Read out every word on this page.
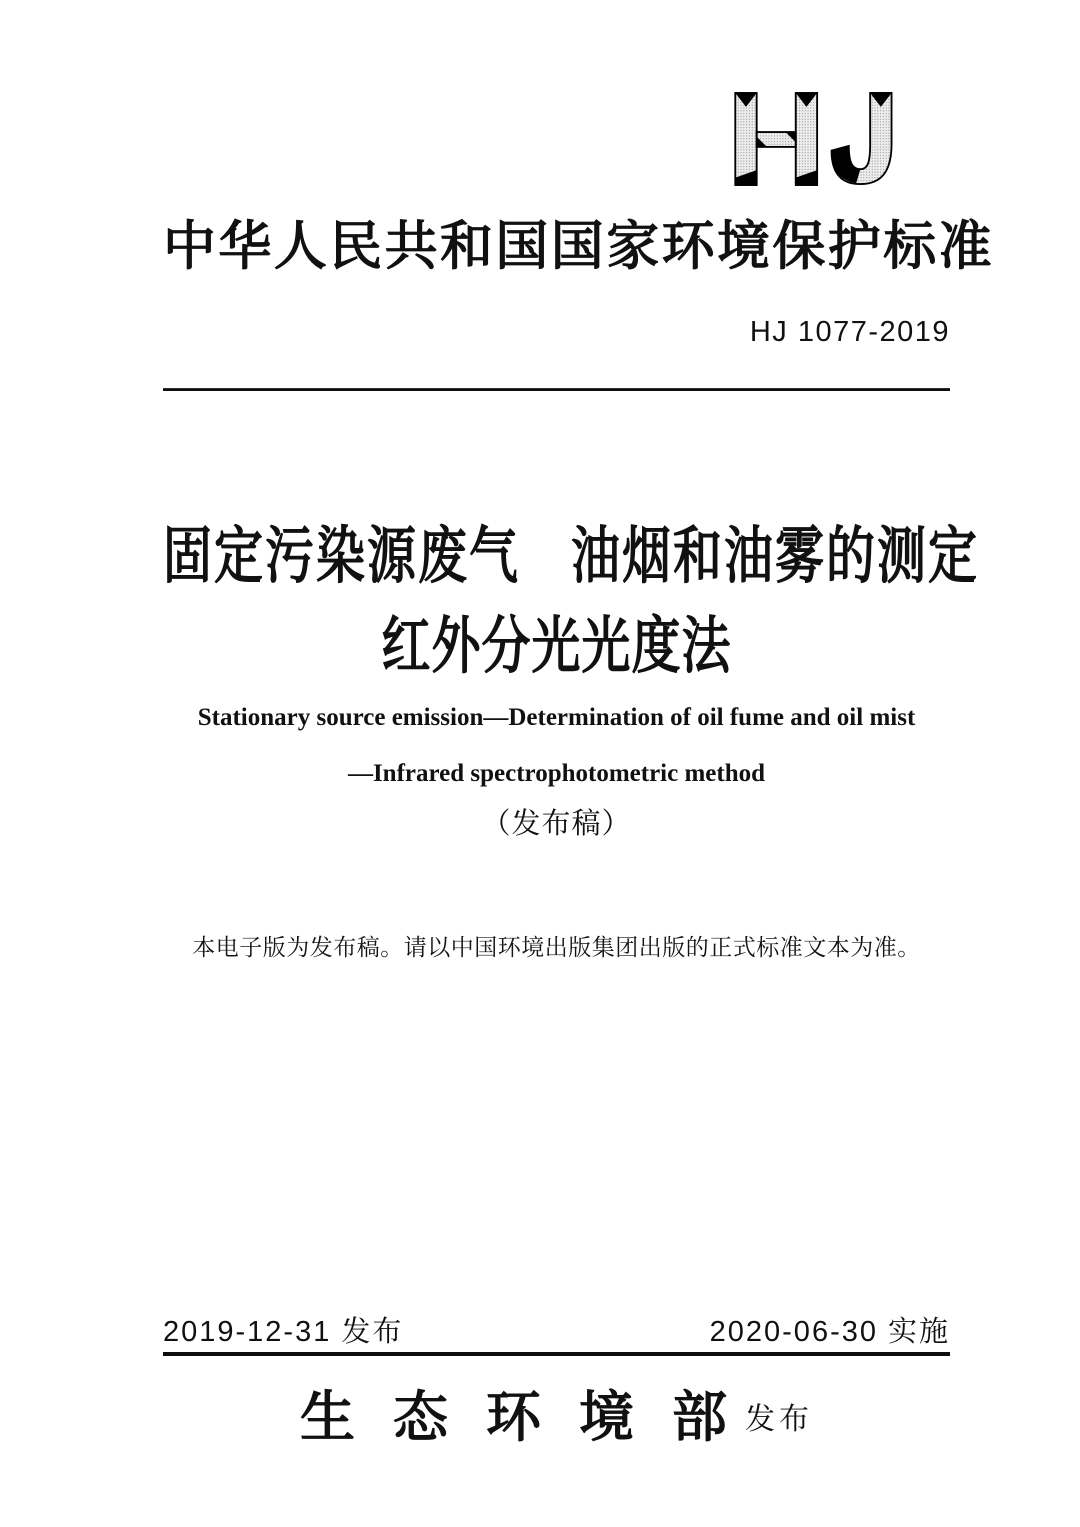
中华人民共和国国家环境保护标准
HJ 1077-2019
固定污染源废气　油烟和油雾的测定
红外分光光度法
Stationary source emission—Determination of oil fume and oil mist
—Infrared spectrophotometric method
（发布稿）
本电子版为发布稿。请以中国环境出版集团出版的正式标准文本为准。
2019-12-31 发布	2020-06-30 实施
生态环境部
发布
